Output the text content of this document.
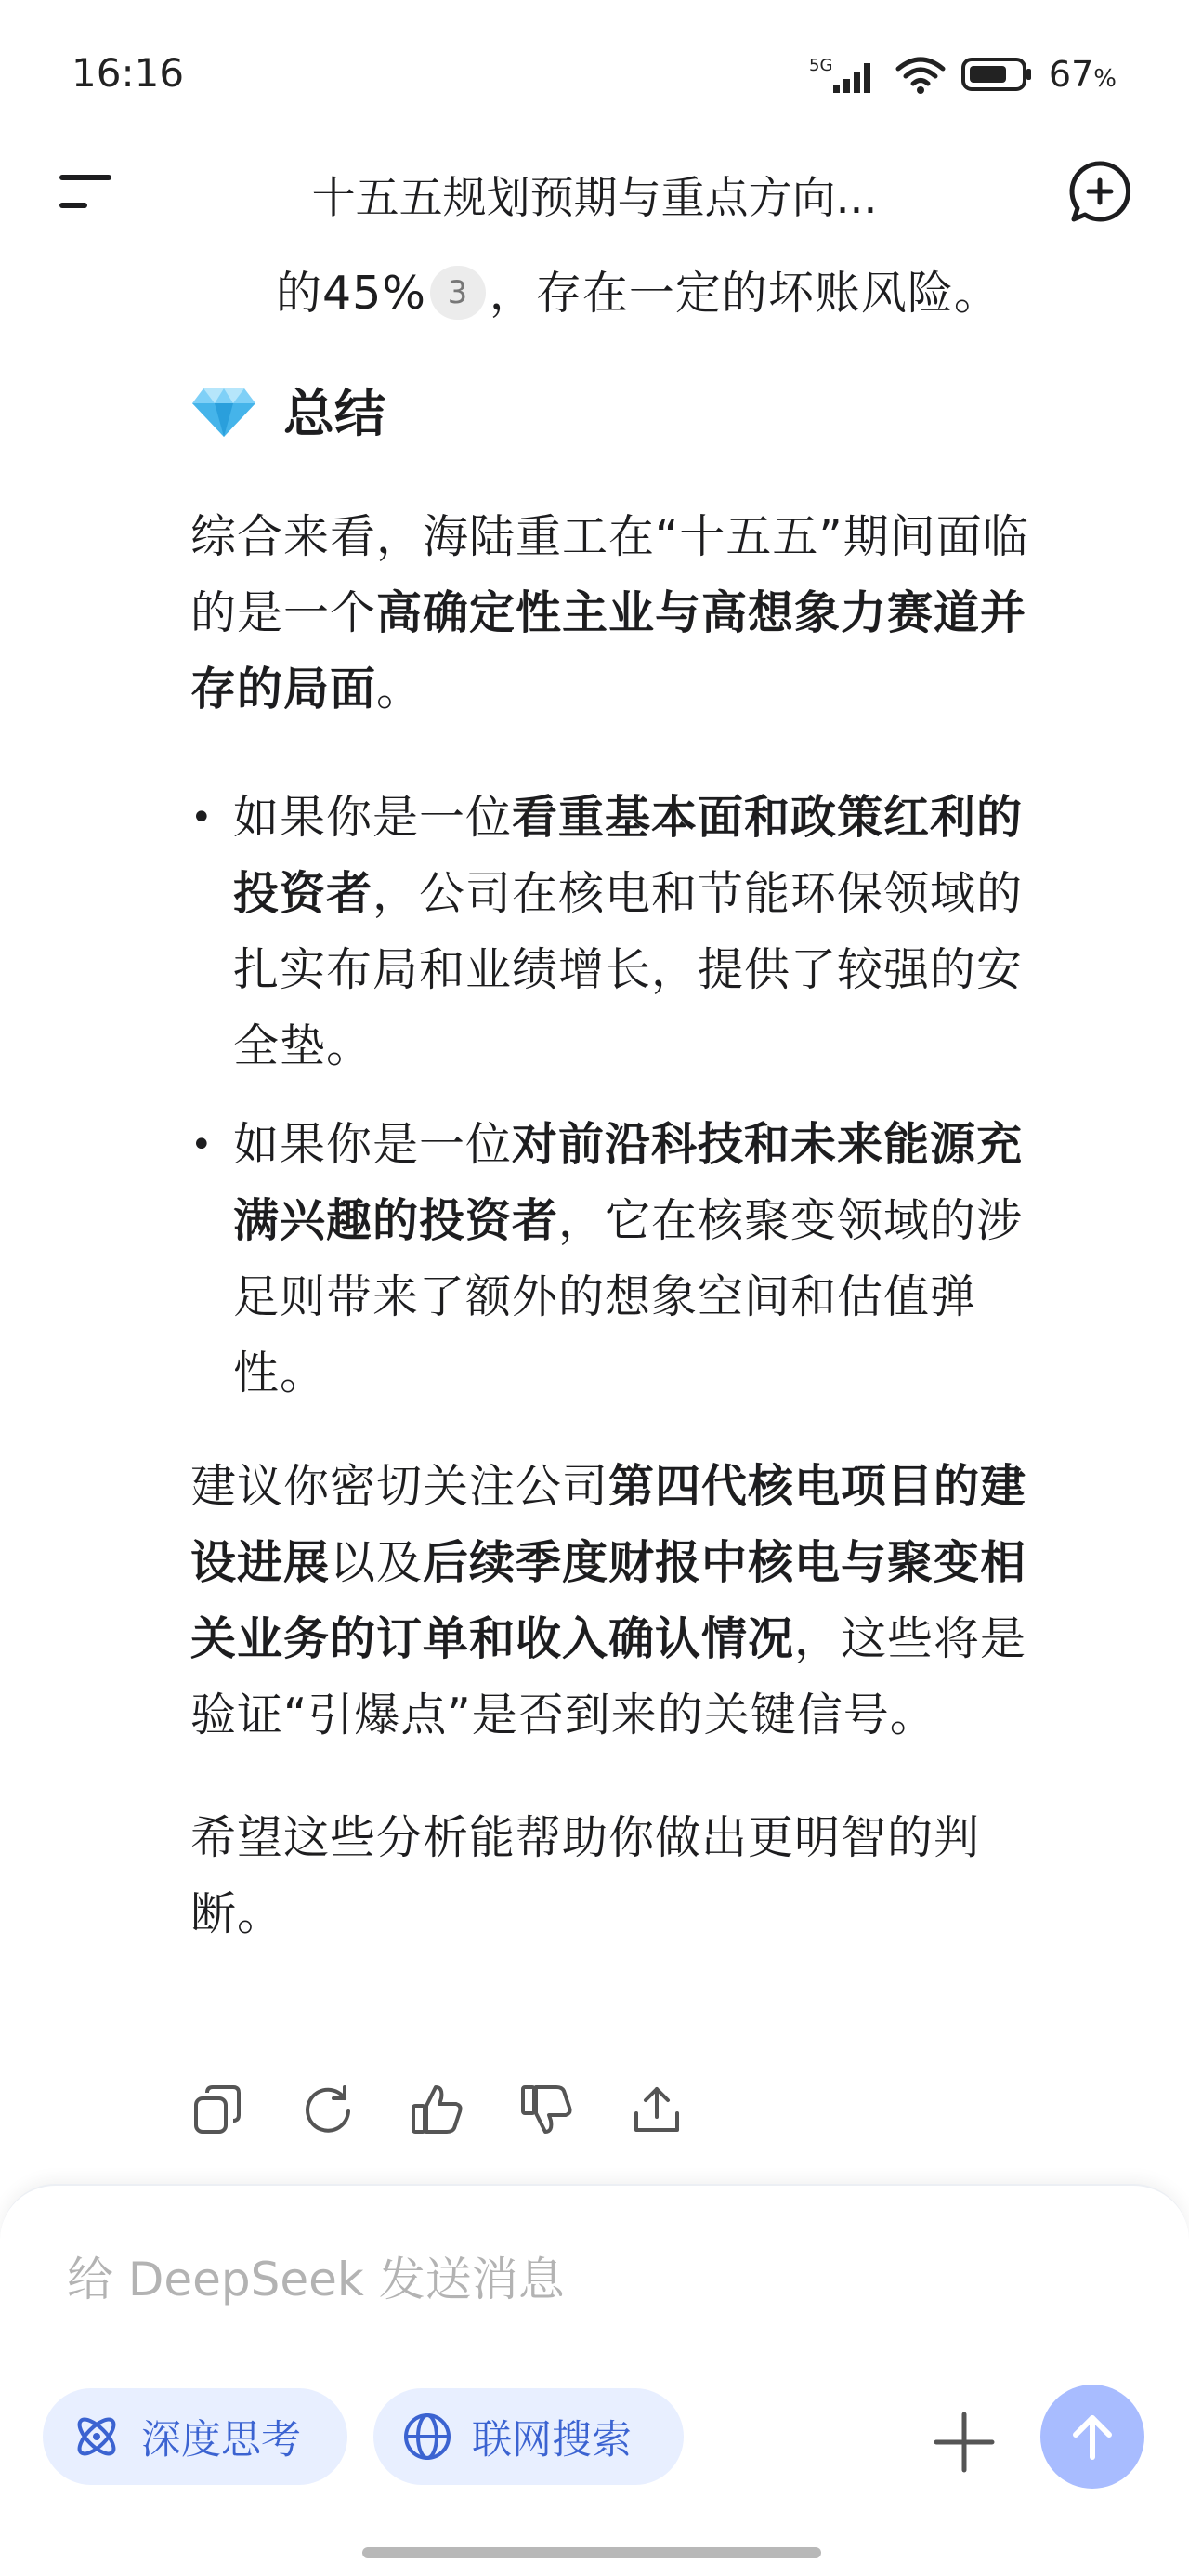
16:16	5G	67%
十五五规划预期与重点方向...
的45% 3 ，存在一定的坏账风险。
总结
综合来看，海陆重工在“十五五”期间面临
的是一个高确定性主业与高想象力赛道并
存的局面。
• 如果你是一位看重基本面和政策红利的
投资者，公司在核电和节能环保领域的
扎实布局和业绩增长，提供了较强的安
全垫。
• 如果你是一位对前沿科技和未来能源充
满兴趣的投资者，它在核聚变领域的涉
足则带来了额外的想象空间和估值弹
性。
建议你密切关注公司第四代核电项目的建
设进展以及后续季度财报中核电与聚变相
关业务的订单和收入确认情况，这些将是
验证“引爆点”是否到来的关键信号。
希望这些分析能帮助你做出更明智的判
断。
给 DeepSeek 发送消息
深度思考	联网搜索
